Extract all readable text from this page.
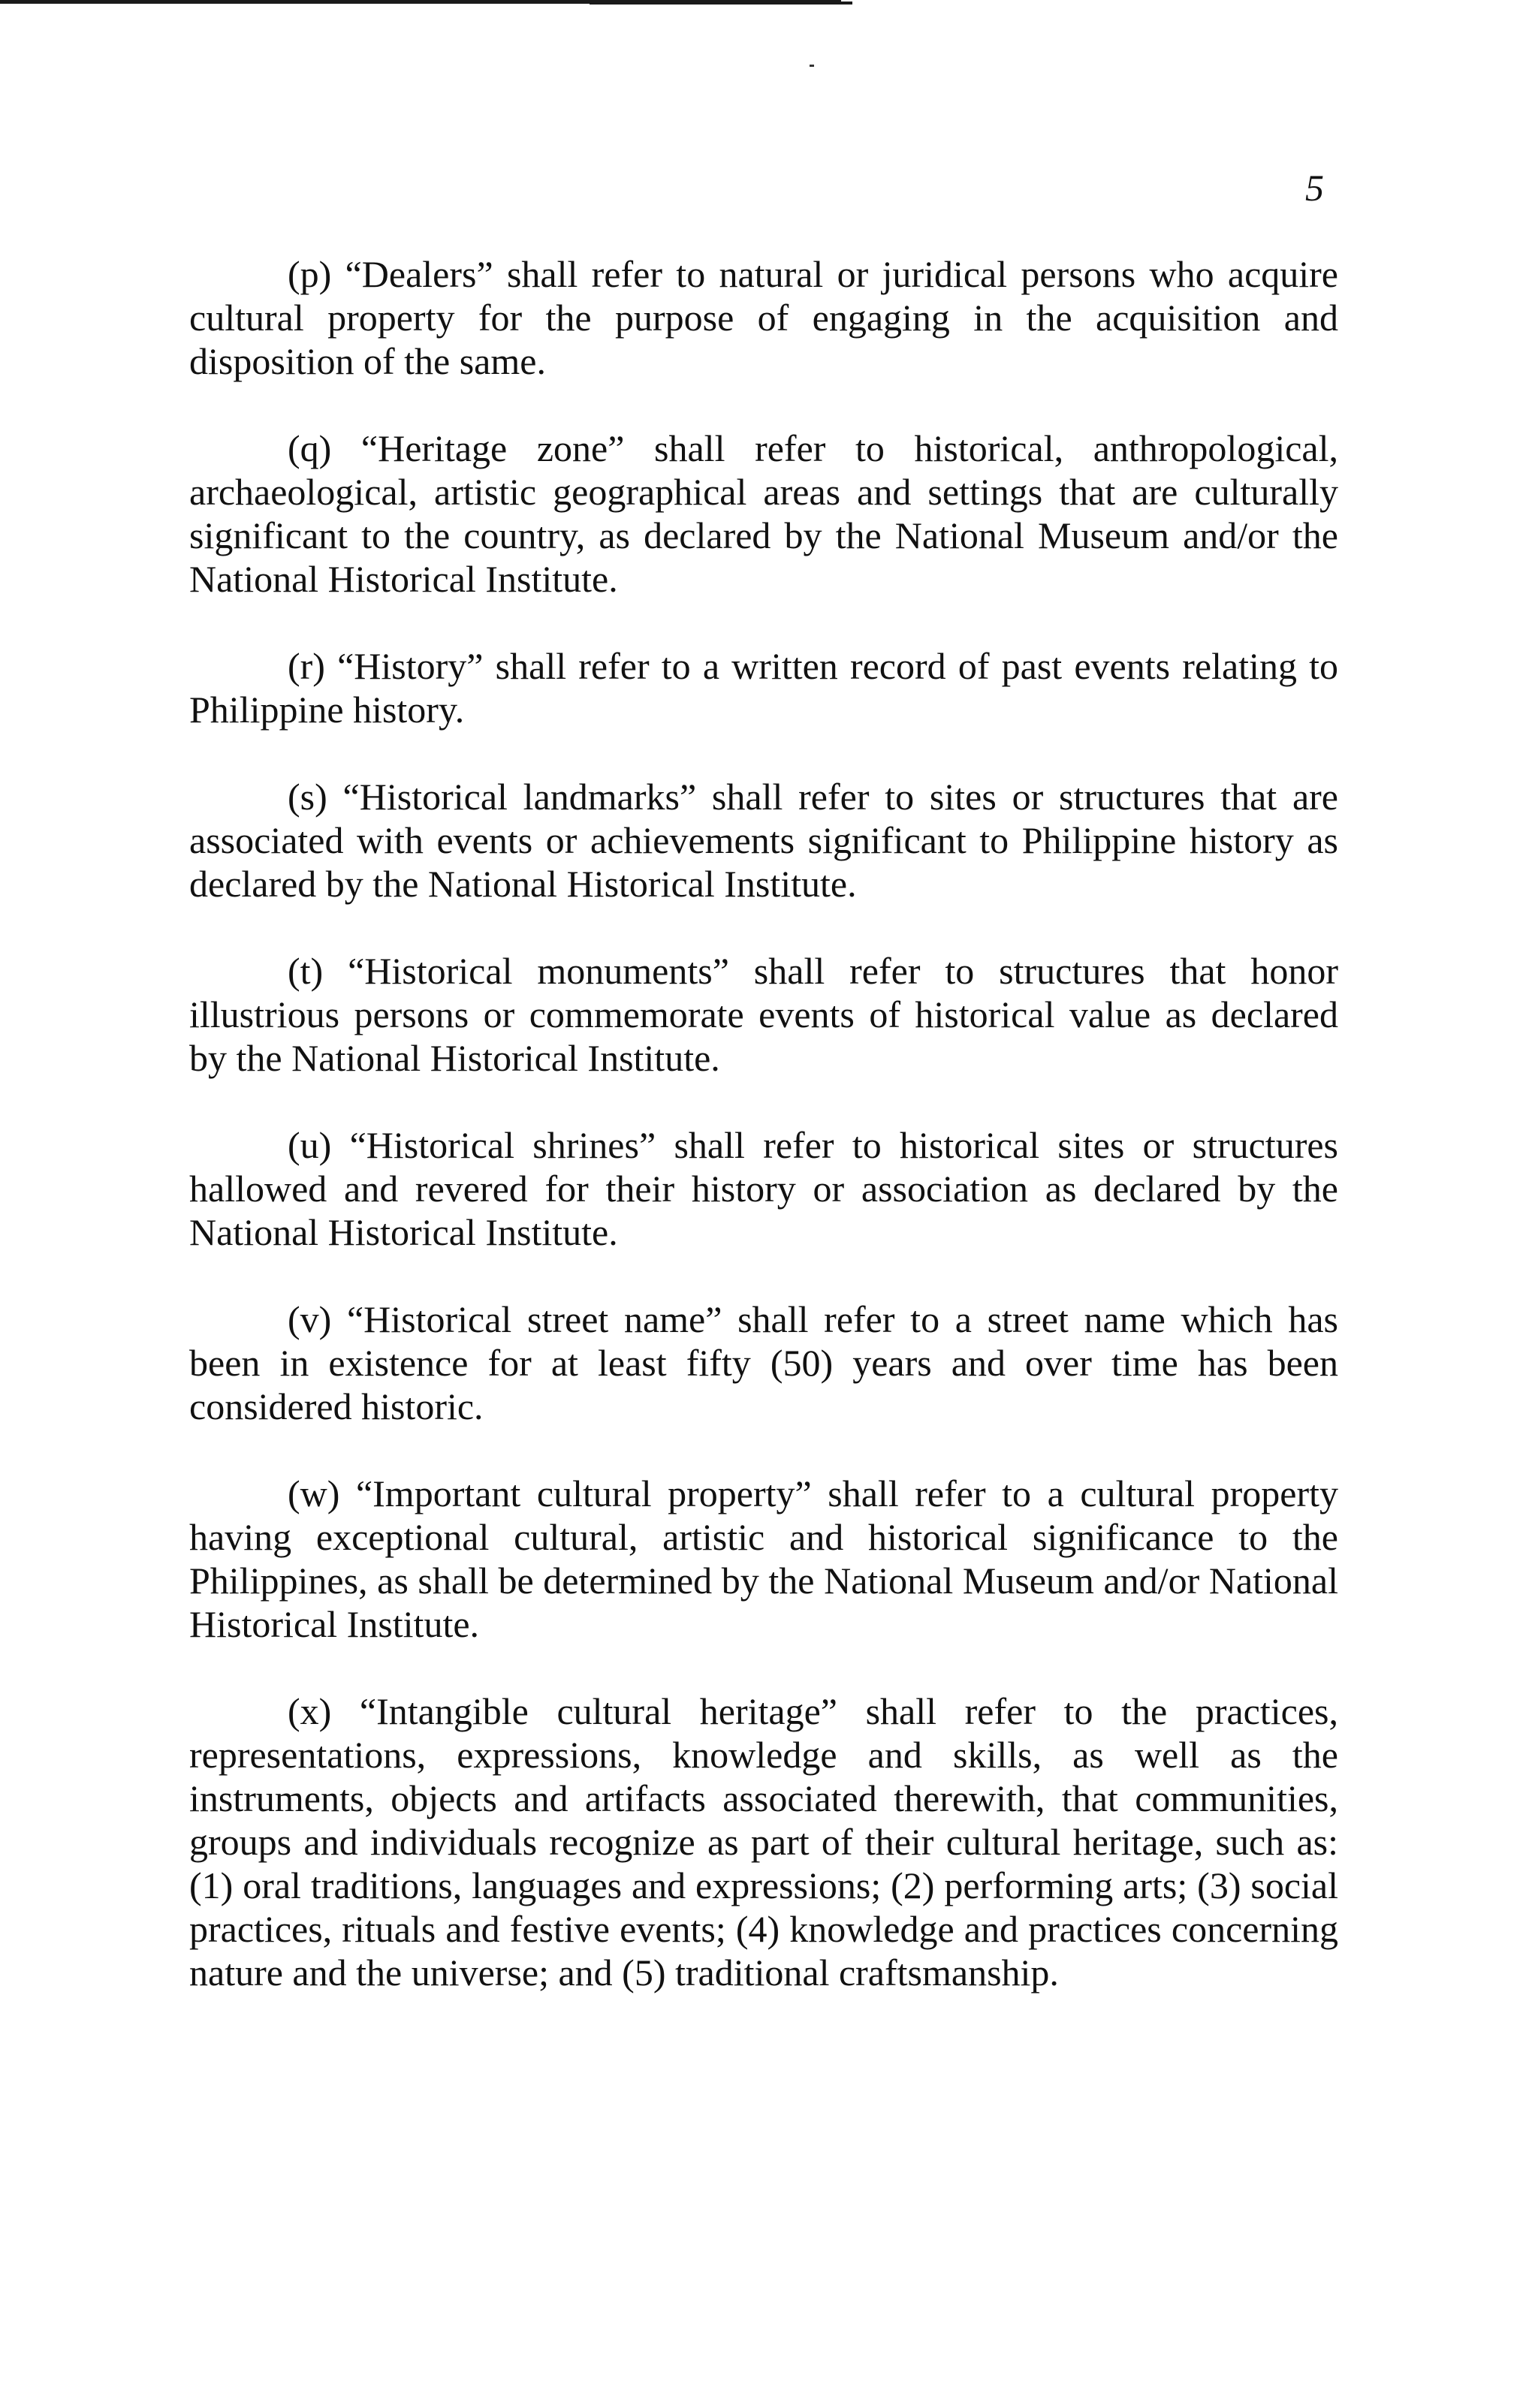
5

(p) “Dealers” shall refer to natural or juridical persons who acquire cultural property for the purpose of engaging in the acquisition and disposition of the same.

(q) “Heritage zone” shall refer to historical, anthropological, archaeological, artistic geographical areas and settings that are culturally significant to the country, as declared by the National Museum and/or the National Historical Institute.

(r) “History” shall refer to a written record of past events relating to Philippine history.

(s) “Historical landmarks” shall refer to sites or structures that are associated with events or achievements significant to Philippine history as declared by the National Historical Institute.

(t) “Historical monuments” shall refer to structures that honor illustrious persons or commemorate events of historical value as declared by the National Historical Institute.

(u) “Historical shrines” shall refer to historical sites or structures hallowed and revered for their history or association as declared by the National Historical Institute.

(v) “Historical street name” shall refer to a street name which has been in existence for at least fifty (50) years and over time has been considered historic.

(w) “Important cultural property” shall refer to a cultural property having exceptional cultural, artistic and historical significance to the Philippines, as shall be determined by the National Museum and/or National Historical Institute.

(x) “Intangible cultural heritage” shall refer to the practices, representations, expressions, knowledge and skills, as well as the instruments, objects and artifacts associated therewith, that communities, groups and individuals recognize as part of their cultural heritage, such as: (1) oral traditions, languages and expressions; (2) performing arts; (3) social practices, rituals and festive events; (4) knowledge and practices concerning nature and the universe; and (5) traditional craftsmanship.
